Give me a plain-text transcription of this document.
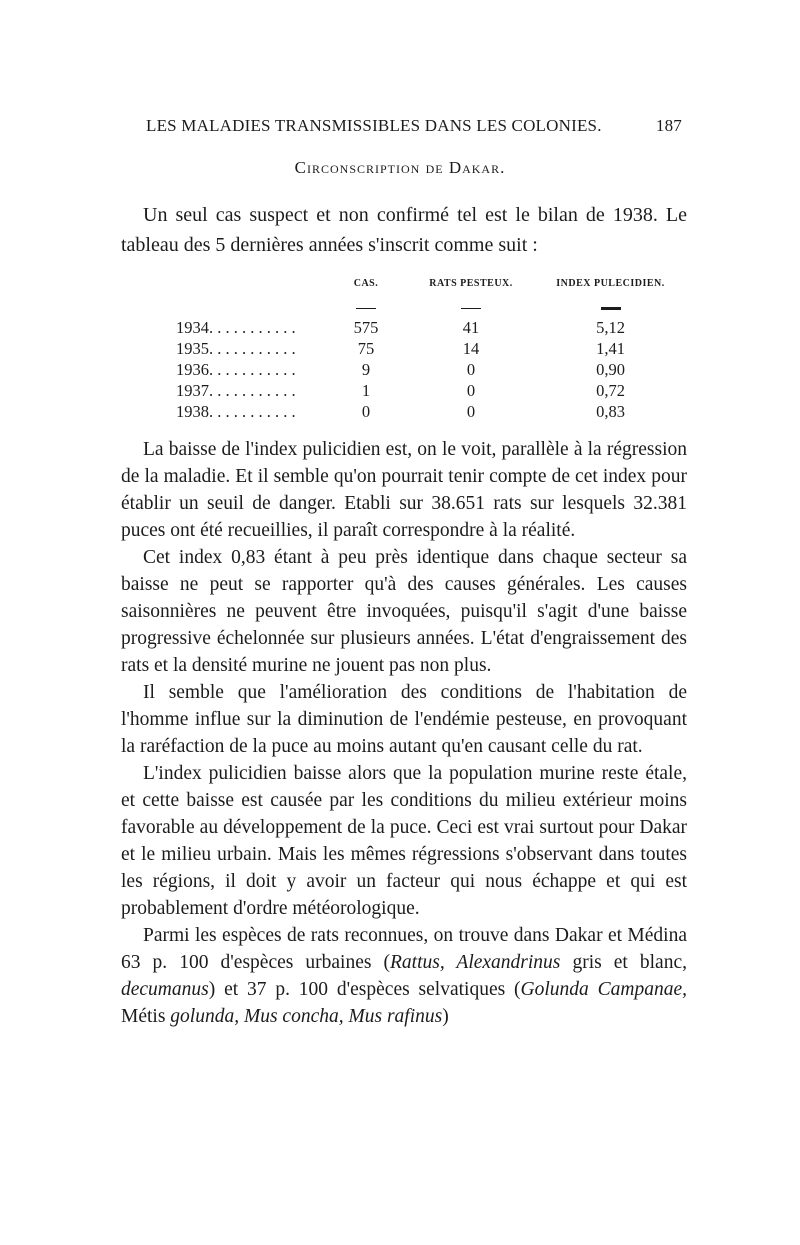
LES MALADIES TRANSMISSIBLES DANS LES COLONIES.	187
Circonscription de Dakar.

Un seul cas suspect et non confirmé tel est le bilan de 1938. Le tableau des 5 dernières années s'inscrit comme suit :

	CAS.	RATS PESTEUX.	INDEX PULECIDIEN.

1934. . . . . . . . . . .	575	41	5,12
1935. . . . . . . . . . .	75	14	1,41
1936. . . . . . . . . . .	9	0	0,90
1937. . . . . . . . . . .	1	0	0,72
1938. . . . . . . . . . .	0	0	0,83

La baisse de l'index pulicidien est, on le voit, parallèle à la régression de la maladie. Et il semble qu'on pourrait tenir compte de cet index pour établir un seuil de danger. Etabli sur 38.651 rats sur lesquels 32.381 puces ont été recueillies, il paraît correspondre à la réalité.

Cet index 0,83 étant à peu près identique dans chaque secteur sa baisse ne peut se rapporter qu'à des causes générales. Les causes saisonnières ne peuvent être invoquées, puisqu'il s'agit d'une baisse progressive échelonnée sur plusieurs années. L'état d'engraissement des rats et la densité murine ne jouent pas non plus.

Il semble que l'amélioration des conditions de l'habitation de l'homme influe sur la diminution de l'endémie pesteuse, en provoquant la raréfaction de la puce au moins autant qu'en causant celle du rat.

L'index pulicidien baisse alors que la population murine reste étale, et cette baisse est causée par les conditions du milieu extérieur moins favorable au développement de la puce. Ceci est vrai surtout pour Dakar et le milieu urbain. Mais les mêmes régressions s'observant dans toutes les régions, il doit y avoir un facteur qui nous échappe et qui est probablement d'ordre météorologique.

Parmi les espèces de rats reconnues, on trouve dans Dakar et Médina 63 p. 100 d'espèces urbaines (Rattus, Alexandrinus gris et blanc, decumanus) et 37 p. 100 d'espèces selvatiques (Golunda Campanae, Métis golunda, Mus concha, Mus rafinus)
